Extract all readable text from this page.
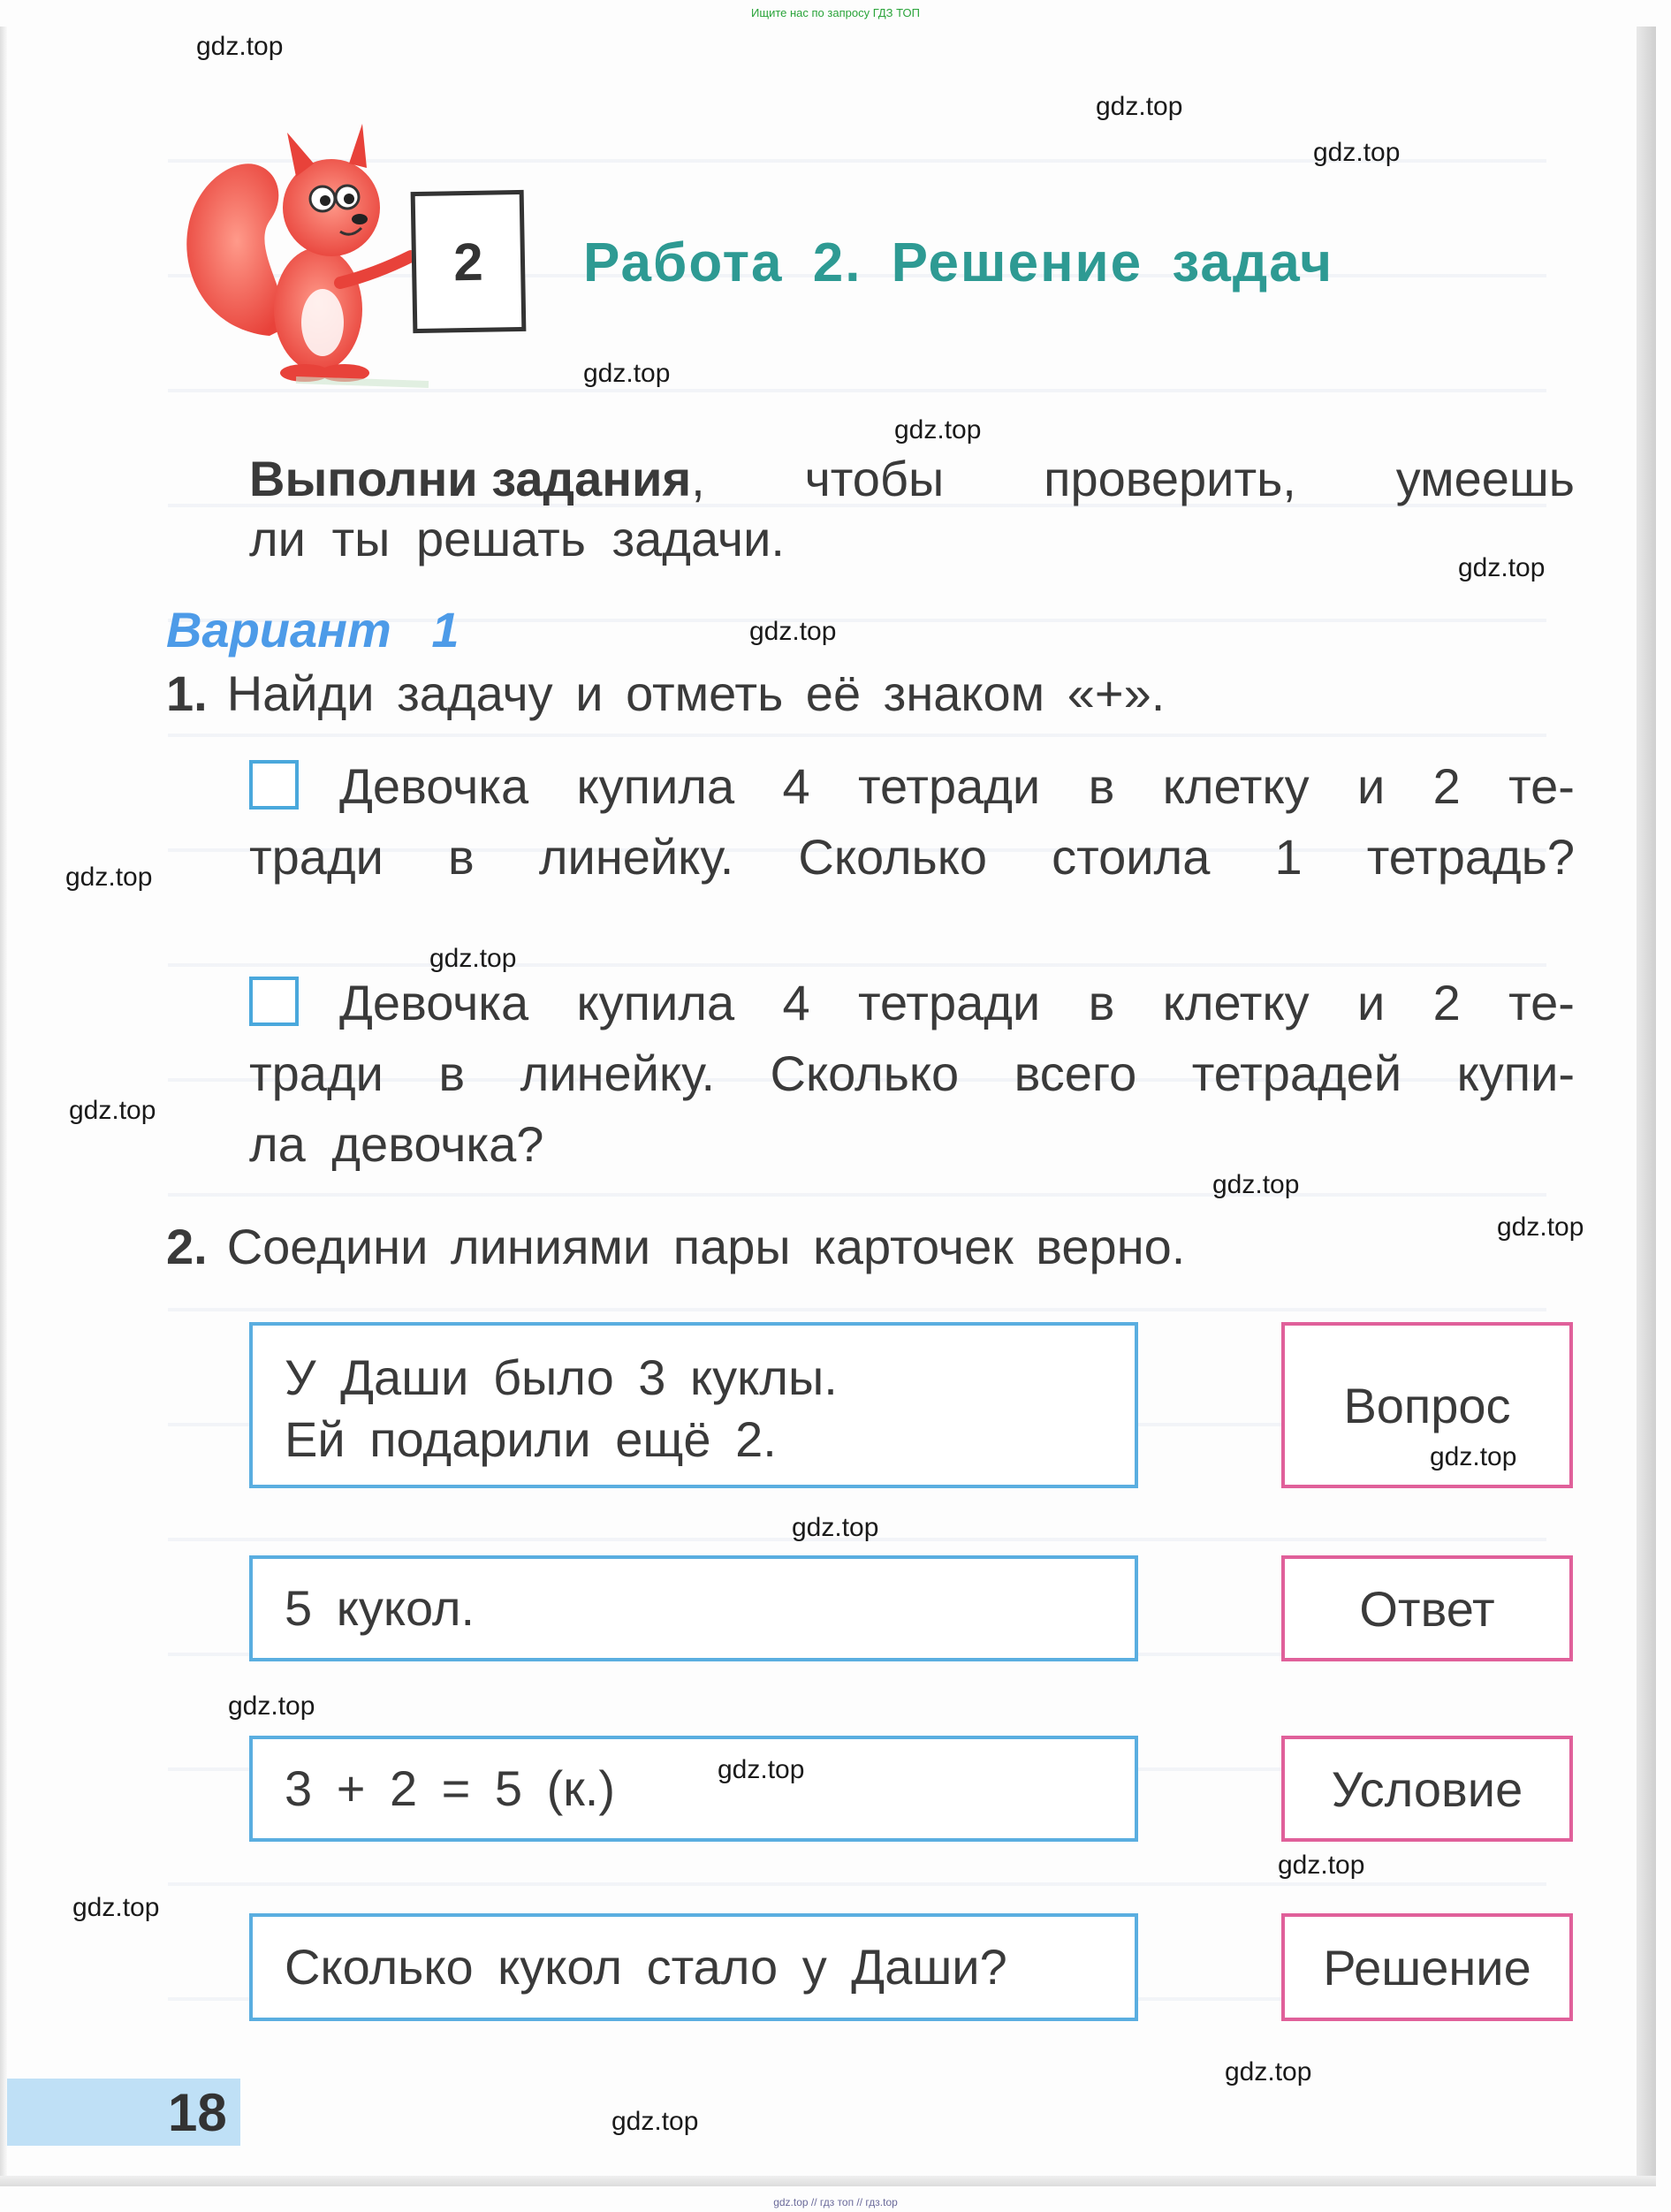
Ищите нас по запросу ГДЗ ТОП
2	Работа 2. Решение задач
Выполни задания, чтобы проверить, умеешь
ли ты решать задачи.
Вариант 1
1. Найди задачу и отметь её знаком «+».
Девочка купила 4 тетради в клетку и 2 те-
тради в линейку. Сколько стоила 1 тетрадь?
Девочка купила 4 тетради в клетку и 2 те-
тради в линейку. Сколько всего тетрадей купи-
ла девочка?
2. Соедини линиями пары карточек верно.
У Даши было 3 куклы.
Ей подарили ещё 2.
5 кукол.
3 + 2 = 5 (к.)
Сколько кукол стало у Даши?
Вопрос
Ответ
Условие
Решение
18
gdz.top
gdz.top
gdz.top
gdz.top
gdz.top
gdz.top
gdz.top
gdz.top
gdz.top
gdz.top
gdz.top
gdz.top
gdz.top
gdz.top
gdz.top
gdz.top
gdz.top
gdz.top
gdz.top
gdz.top
gdz.top // гдз топ // гдз.top
